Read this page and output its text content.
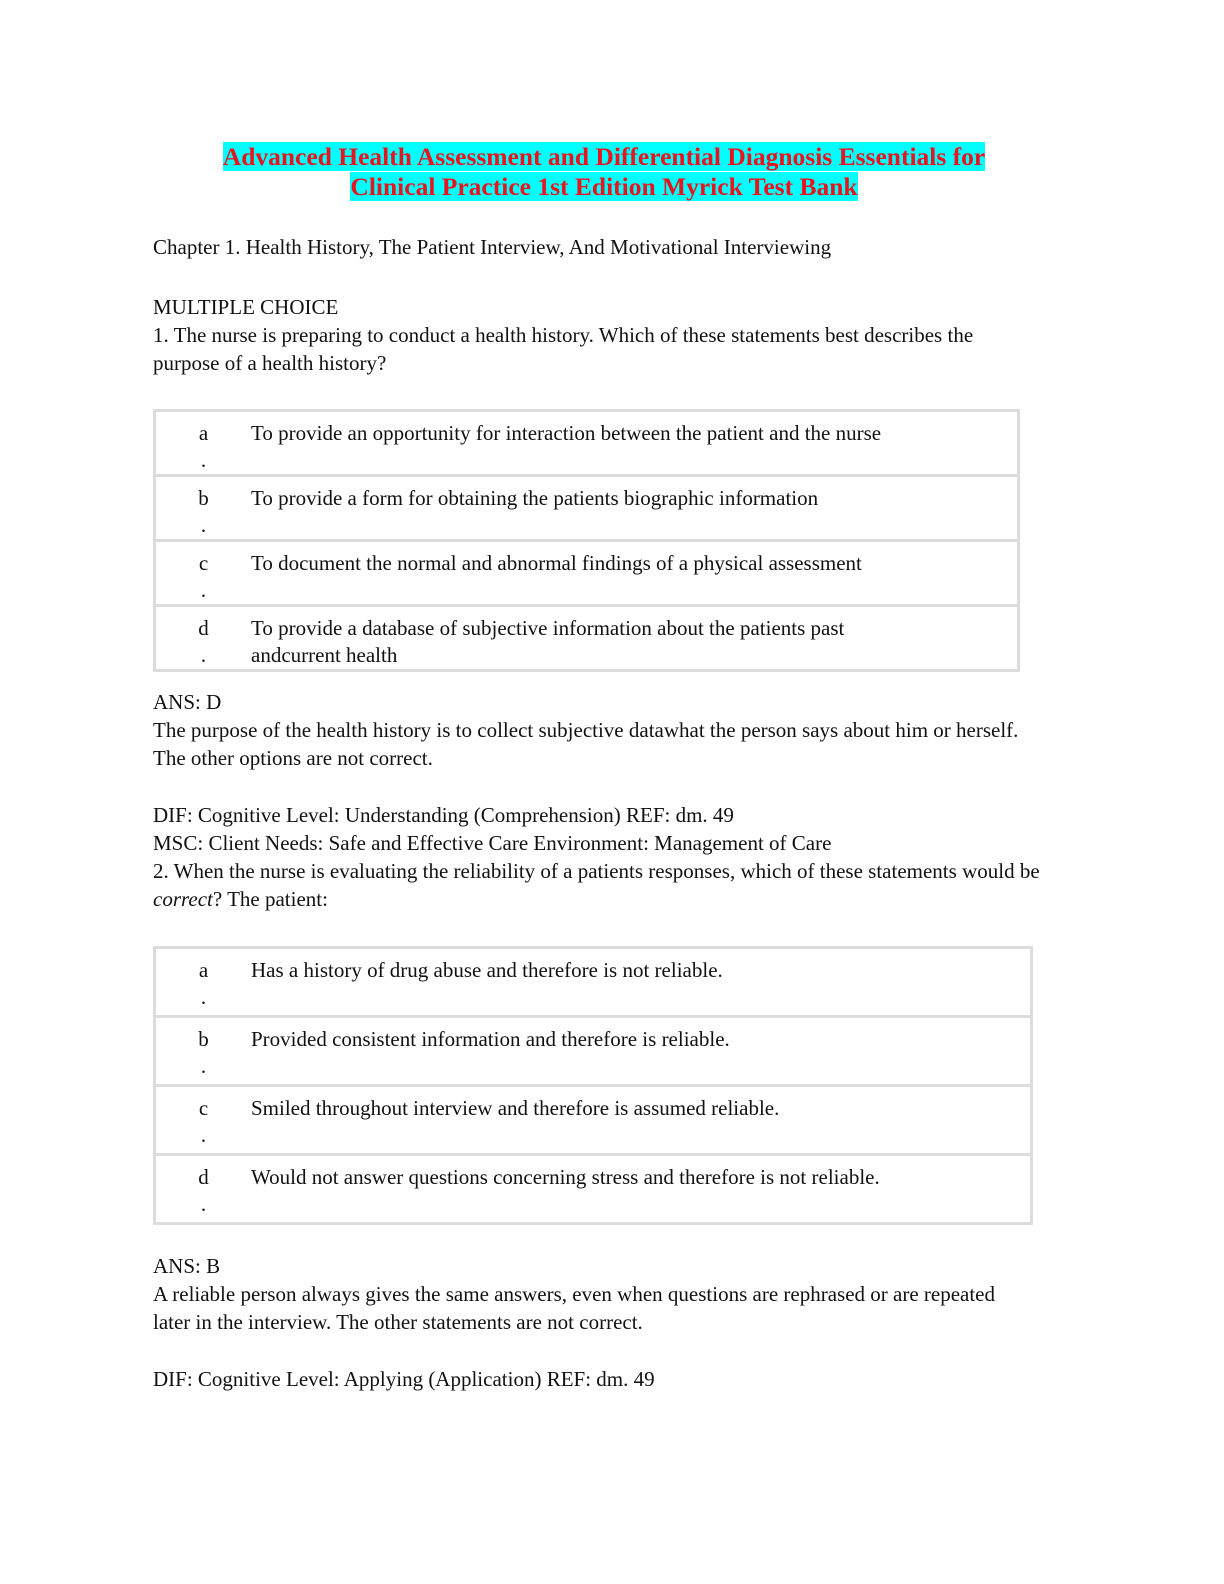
Advanced Health Assessment and Differential Diagnosis Essentials for
Clinical Practice 1st Edition Myrick Test Bank
Chapter 1. Health History, The Patient Interview, And Motivational Interviewing
MULTIPLE CHOICE
1. The nurse is preparing to conduct a health history. Which of these statements best describes the purpose of a health history?
a
.	To provide an opportunity for interaction between the patient and the nurse

b
.	To provide a form for obtaining the patients biographic information

c
.	To document the normal and abnormal findings of a physical assessment

d
.	To provide a database of subjective information about the patients past andcurrent health
ANS: D
The purpose of the health history is to collect subjective datawhat the person says about him or herself. The other options are not correct.
DIF: Cognitive Level: Understanding (Comprehension) REF: dm. 49
MSC: Client Needs: Safe and Effective Care Environment: Management of Care
2. When the nurse is evaluating the reliability of a patients responses, which of these statements would be correct? The patient:
a
.	Has a history of drug abuse and therefore is not reliable.

b
.	Provided consistent information and therefore is reliable.

c
.	Smiled throughout interview and therefore is assumed reliable.

d
.	Would not answer questions concerning stress and therefore is not reliable.
ANS: B
A reliable person always gives the same answers, even when questions are rephrased or are repeated later in the interview. The other statements are not correct.
DIF: Cognitive Level: Applying (Application) REF: dm. 49
